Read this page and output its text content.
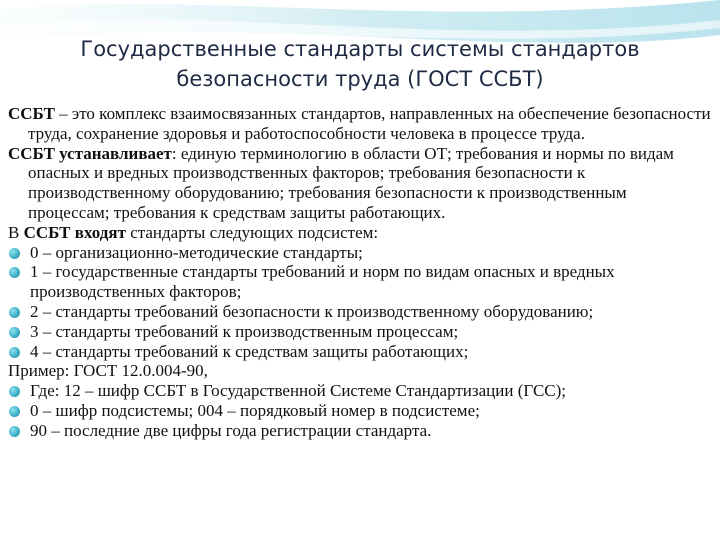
Государственные стандарты системы стандартов
безопасности труда (ГОСТ ССБТ)

ССБТ – это комплекс взаимосвязанных стандартов, направленных на обеспечение безопасности труда, сохранение здоровья и работоспособности человека в процессе труда.

ССБТ устанавливает: единую терминологию в области ОТ; требования и нормы по видам опасных и вредных производственных факторов; требования безопасности к производственному оборудованию; требования безопасности к производственным процессам; требования к средствам защиты работающих.

В ССБТ входят стандарты следующих подсистем:

0 – организационно-методические стандарты;

1 – государственные стандарты требований и норм по видам опасных и вредных производственных факторов;

2 – стандарты требований безопасности к производственному оборудованию;

3 – стандарты требований к производственным процессам;

4 – стандарты требований к средствам защиты работающих;

Пример: ГОСТ 12.0.004-90,

Где: 12 – шифр ССБТ в Государственной Системе Стандартизации (ГСС);

0 – шифр подсистемы; 004 – порядковый номер в подсистеме;

90 – последние две цифры года регистрации стандарта.
